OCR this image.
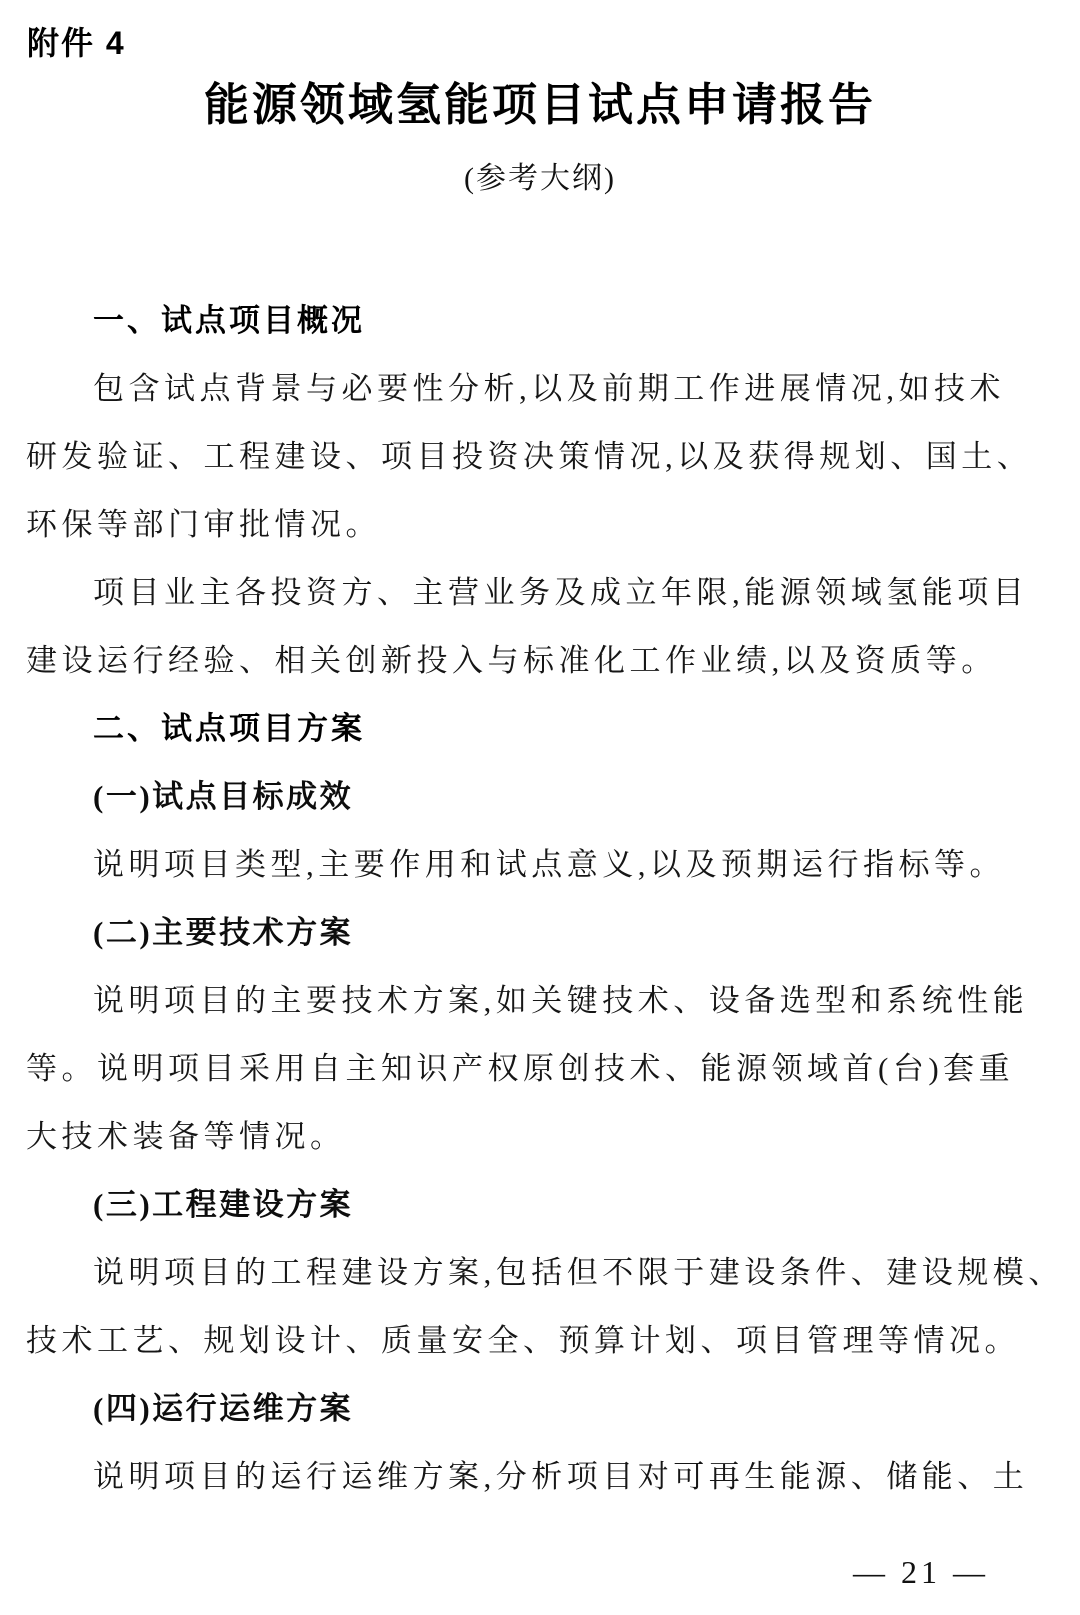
附件 4
能源领域氢能项目试点申请报告
(参考大纲)
一、试点项目概况
包含试点背景与必要性分析,以及前期工作进展情况,如技术
研发验证、工程建设、项目投资决策情况,以及获得规划、国土、
环保等部门审批情况。
项目业主各投资方、主营业务及成立年限,能源领域氢能项目
建设运行经验、相关创新投入与标准化工作业绩,以及资质等。
二、试点项目方案
(一)试点目标成效
说明项目类型,主要作用和试点意义,以及预期运行指标等。
(二)主要技术方案
说明项目的主要技术方案,如关键技术、设备选型和系统性能
等。说明项目采用自主知识产权原创技术、能源领域首(台)套重
大技术装备等情况。
(三)工程建设方案
说明项目的工程建设方案,包括但不限于建设条件、建设规模、
技术工艺、规划设计、质量安全、预算计划、项目管理等情况。
(四)运行运维方案
说明项目的运行运维方案,分析项目对可再生能源、储能、土
— 21 —
